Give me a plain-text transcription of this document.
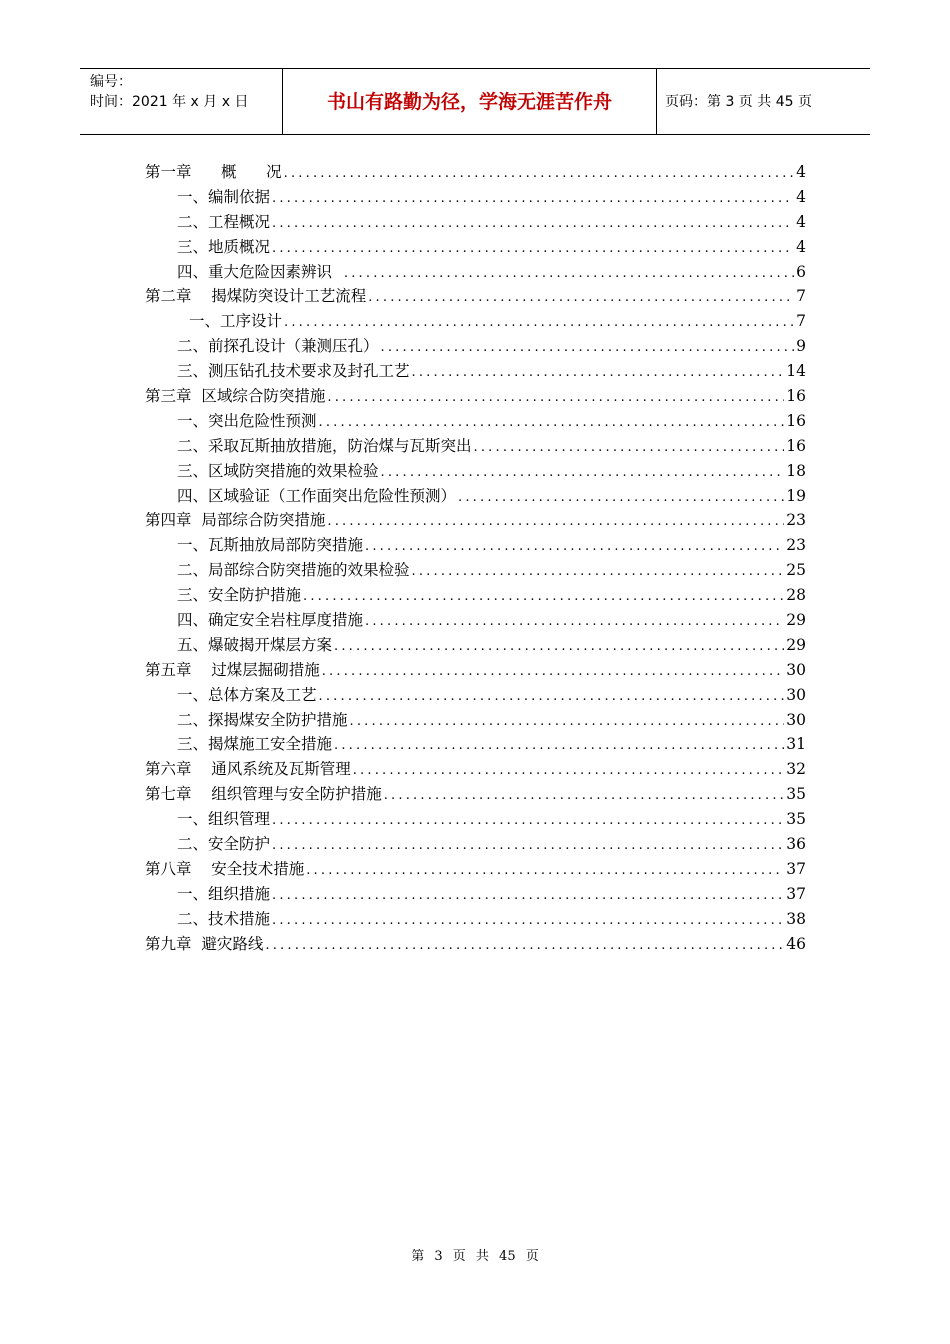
编号：
时间：2021 年 x 月 x 日	书山有路勤为径，学海无涯苦作舟	页码：第 3 页 共 45 页
第一章      概      况 .....	4
一、编制依据 .....	4
二、工程概况 .....	4
三、地质概况 .....	4
四、重大危险因素辨识 .....	6
第二章    揭煤防突设计工艺流程 .....	7
一、工序设计 .....	7
二、前探孔设计（兼测压孔） .....	9
三、测压钻孔技术要求及封孔工艺 .....	14
第三章  区域综合防突措施 .....	16
一、突出危险性预测 .....	16
二、采取瓦斯抽放措施，防治煤与瓦斯突出 .....	16
三、区域防突措施的效果检验 .....	18
四、区域验证（工作面突出危险性预测） .....	19
第四章  局部综合防突措施 .....	23
一、瓦斯抽放局部防突措施 .....	23
二、局部综合防突措施的效果检验 .....	25
三、安全防护措施 .....	28
四、确定安全岩柱厚度措施 .....	29
五、爆破揭开煤层方案 .....	29
第五章    过煤层掘砌措施 .....	30
一、总体方案及工艺 .....	30
二、探揭煤安全防护措施 .....	30
三、揭煤施工安全措施 .....	31
第六章    通风系统及瓦斯管理 .....	32
第七章    组织管理与安全防护措施 .....	35
一、组织管理 .....	35
二、安全防护 .....	36
第八章    安全技术措施 .....	37
一、组织措施 .....	37
二、技术措施 .....	38
第九章  避灾路线 .....	46
第 3 页 共 45 页
